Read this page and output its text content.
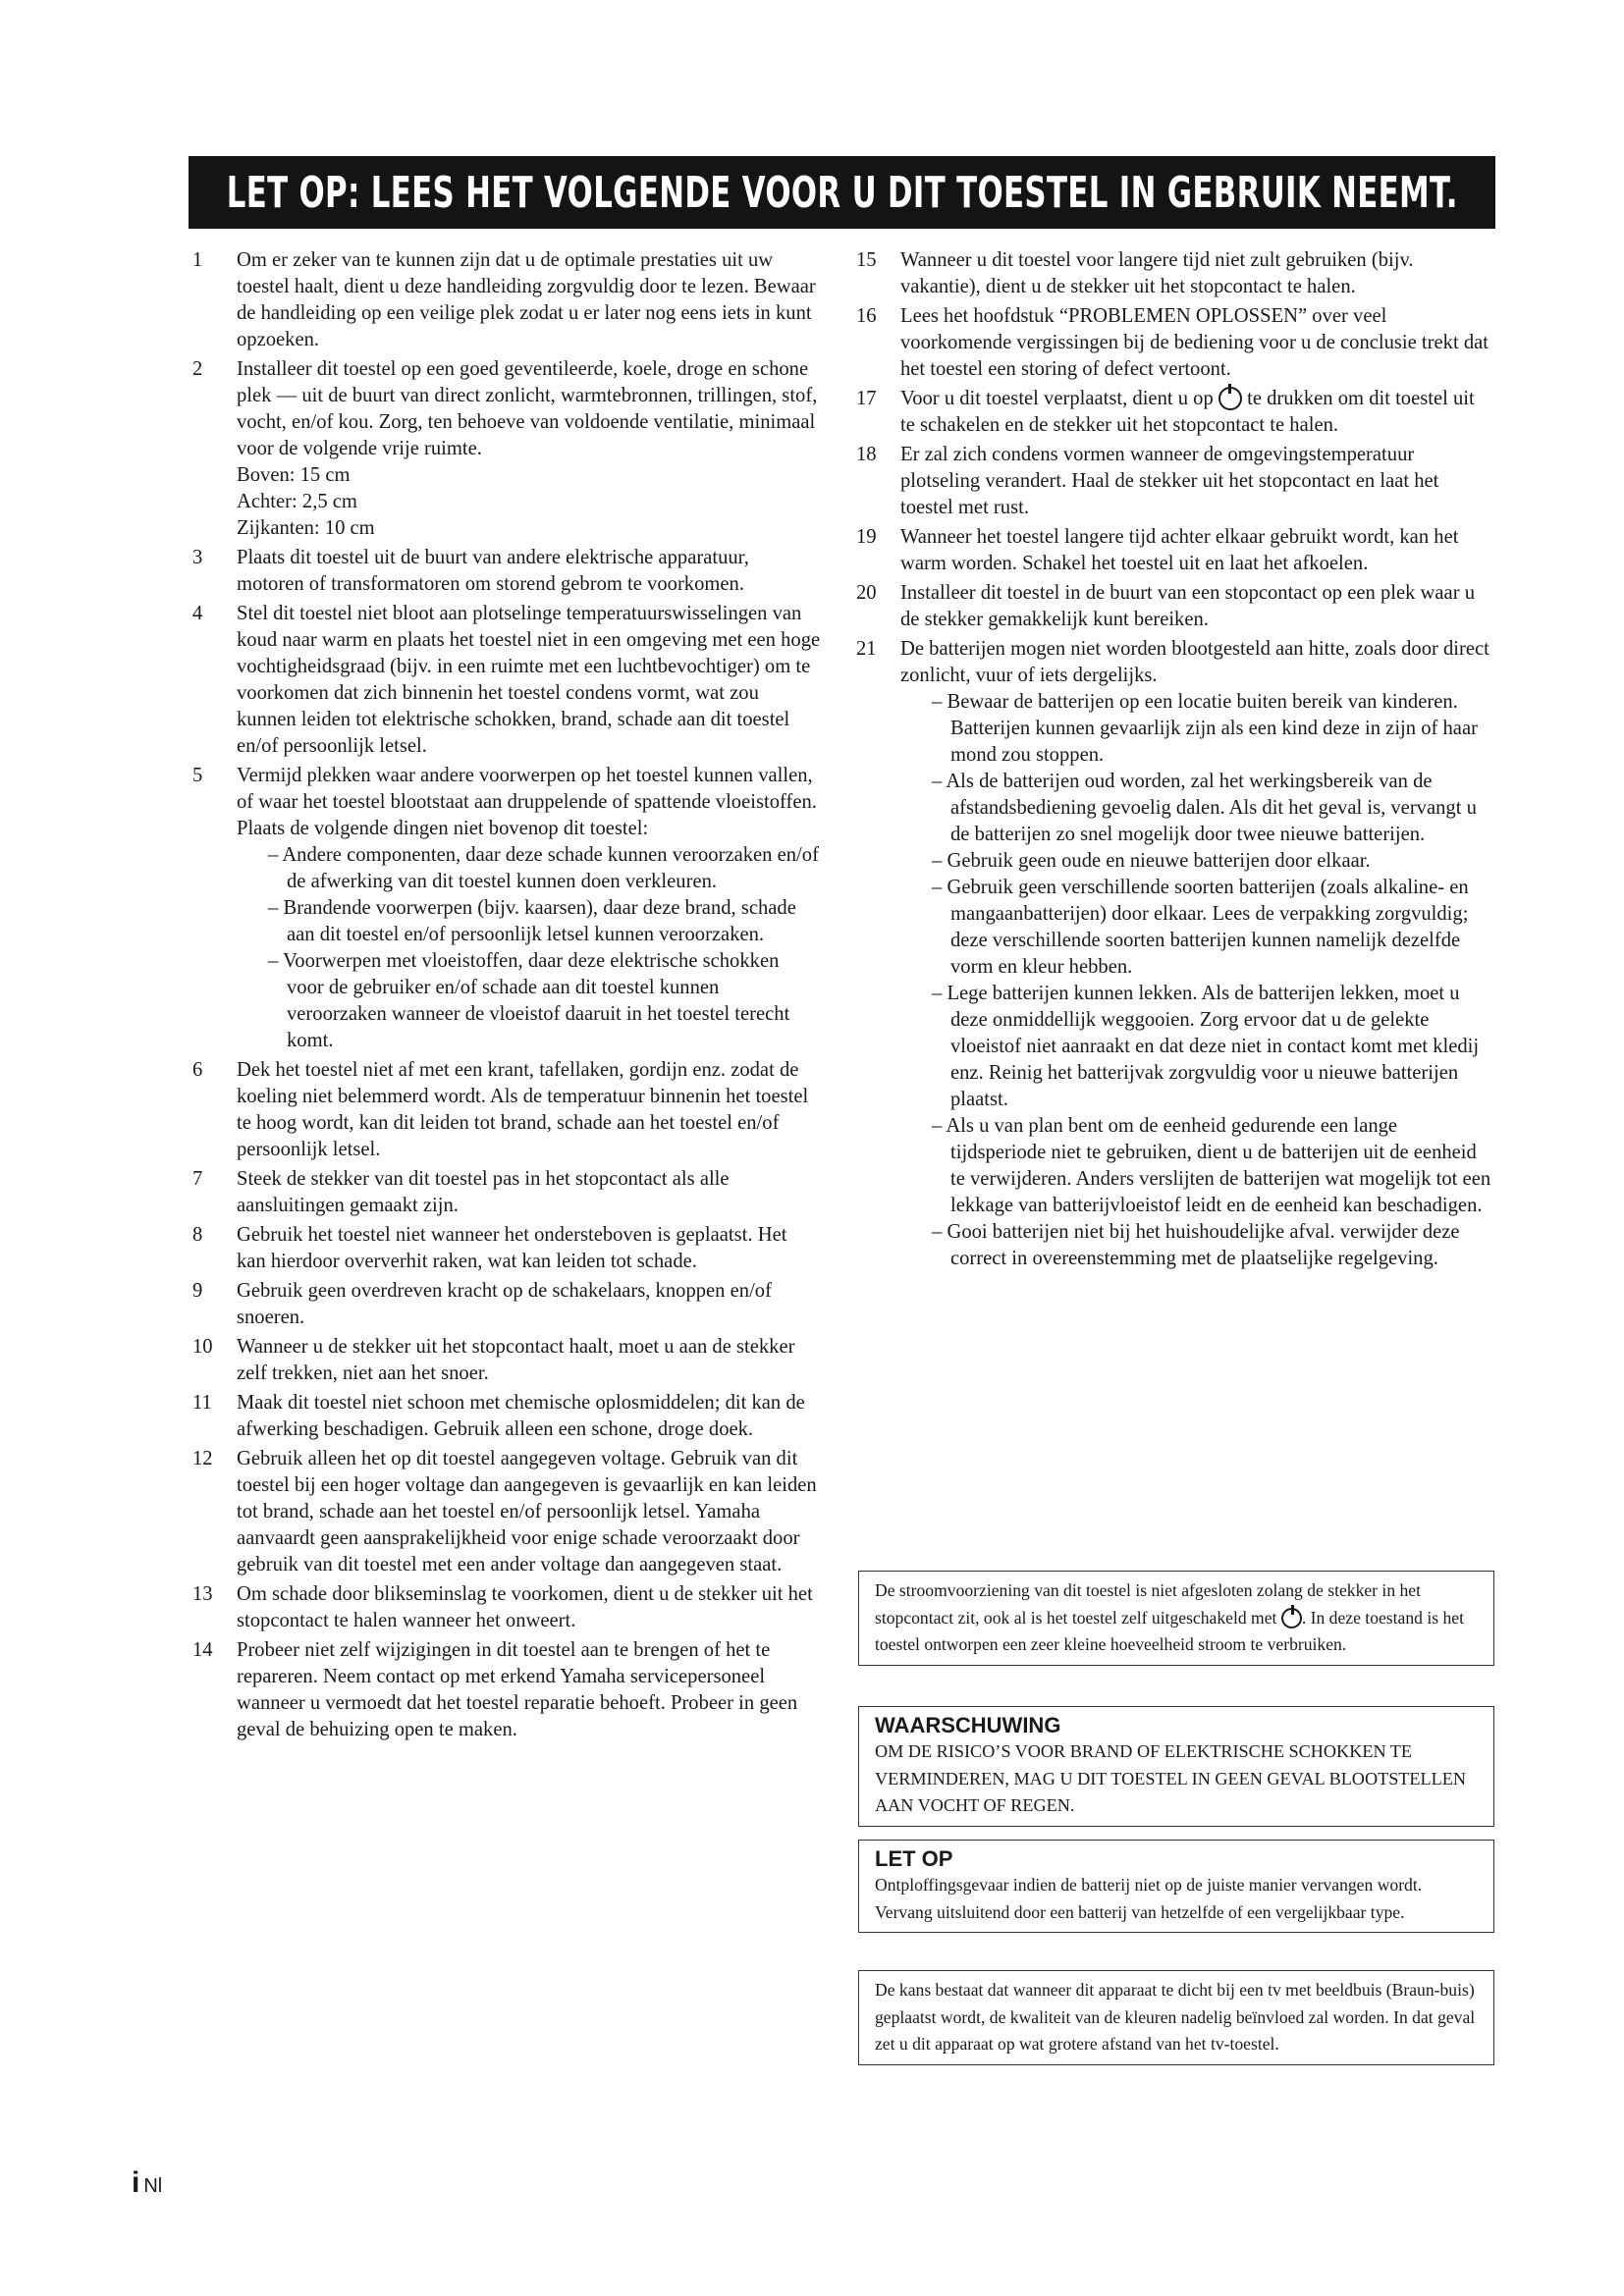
LET OP: LEES HET VOLGENDE VOOR U DIT TOESTEL IN GEBRUIK NEEMT.
1 Om er zeker van te kunnen zijn dat u de optimale prestaties uit uw toestel haalt, dient u deze handleiding zorgvuldig door te lezen. Bewaar de handleiding op een veilige plek zodat u er later nog eens iets in kunt opzoeken.
2 Installeer dit toestel op een goed geventileerde, koele, droge en schone plek — uit de buurt van direct zonlicht, warmtebronnen, trillingen, stof, vocht, en/of kou. Zorg, ten behoeve van voldoende ventilatie, minimaal voor de volgende vrije ruimte.
Boven: 15 cm
Achter: 2,5 cm
Zijkanten: 10 cm
3 Plaats dit toestel uit de buurt van andere elektrische apparatuur, motoren of transformatoren om storend gebrom te voorkomen.
4 Stel dit toestel niet bloot aan plotselinge temperatuurswisselingen van koud naar warm en plaats het toestel niet in een omgeving met een hoge vochtigheidsgraad (bijv. in een ruimte met een luchtbevochtiger) om te voorkomen dat zich binnenin het toestel condens vormt, wat zou kunnen leiden tot elektrische schokken, brand, schade aan dit toestel en/of persoonlijk letsel.
5 Vermijd plekken waar andere voorwerpen op het toestel kunnen vallen, of waar het toestel blootstaat aan druppelende of spattende vloeistoffen. Plaats de volgende dingen niet bovenop dit toestel:
– Andere componenten, daar deze schade kunnen veroorzaken en/of de afwerking van dit toestel kunnen doen verkleuren.
– Brandende voorwerpen (bijv. kaarsen), daar deze brand, schade aan dit toestel en/of persoonlijk letsel kunnen veroorzaken.
– Voorwerpen met vloeistoffen, daar deze elektrische schokken voor de gebruiker en/of schade aan dit toestel kunnen veroorzaken wanneer de vloeistof daaruit in het toestel terecht komt.
6 Dek het toestel niet af met een krant, tafellaken, gordijn enz. zodat de koeling niet belemmerd wordt. Als de temperatuur binnenin het toestel te hoog wordt, kan dit leiden tot brand, schade aan het toestel en/of persoonlijk letsel.
7 Steek de stekker van dit toestel pas in het stopcontact als alle aansluitingen gemaakt zijn.
8 Gebruik het toestel niet wanneer het ondersteboven is geplaatst. Het kan hierdoor oververhit raken, wat kan leiden tot schade.
9 Gebruik geen overdreven kracht op de schakelaars, knoppen en/of snoeren.
10 Wanneer u de stekker uit het stopcontact haalt, moet u aan de stekker zelf trekken, niet aan het snoer.
11 Maak dit toestel niet schoon met chemische oplosmiddelen; dit kan de afwerking beschadigen. Gebruik alleen een schone, droge doek.
12 Gebruik alleen het op dit toestel aangegeven voltage. Gebruik van dit toestel bij een hoger voltage dan aangegeven is gevaarlijk en kan leiden tot brand, schade aan het toestel en/of persoonlijk letsel. Yamaha aanvaardt geen aansprakelijkheid voor enige schade veroorzaakt door gebruik van dit toestel met een ander voltage dan aangegeven staat.
13 Om schade door blikseminslag te voorkomen, dient u de stekker uit het stopcontact te halen wanneer het onweert.
14 Probeer niet zelf wijzigingen in dit toestel aan te brengen of het te repareren. Neem contact op met erkend Yamaha servicepersoneel wanneer u vermoedt dat het toestel reparatie behoeft. Probeer in geen geval de behuizing open te maken.
15 Wanneer u dit toestel voor langere tijd niet zult gebruiken (bijv. vakantie), dient u de stekker uit het stopcontact te halen.
16 Lees het hoofdstuk “PROBLEMEN OPLOSSEN” over veel voorkomende vergissingen bij de bediening voor u de conclusie trekt dat het toestel een storing of defect vertoont.
17 Voor u dit toestel verplaatst, dient u op te drukken om dit toestel uit te schakelen en de stekker uit het stopcontact te halen.
18 Er zal zich condens vormen wanneer de omgevingstemperatuur plotseling verandert. Haal de stekker uit het stopcontact en laat het toestel met rust.
19 Wanneer het toestel langere tijd achter elkaar gebruikt wordt, kan het warm worden. Schakel het toestel uit en laat het afkoelen.
20 Installeer dit toestel in de buurt van een stopcontact op een plek waar u de stekker gemakkelijk kunt bereiken.
21 De batterijen mogen niet worden blootgesteld aan hitte, zoals door direct zonlicht, vuur of iets dergelijks.
– Bewaar de batterijen op een locatie buiten bereik van kinderen. Batterijen kunnen gevaarlijk zijn als een kind deze in zijn of haar mond zou stoppen.
– Als de batterijen oud worden, zal het werkingsbereik van de afstandsbediening gevoelig dalen. Als dit het geval is, vervangt u de batterijen zo snel mogelijk door twee nieuwe batterijen.
– Gebruik geen oude en nieuwe batterijen door elkaar.
– Gebruik geen verschillende soorten batterijen (zoals alkaline- en mangaanbatterijen) door elkaar. Lees de verpakking zorgvuldig; deze verschillende soorten batterijen kunnen namelijk dezelfde vorm en kleur hebben.
– Lege batterijen kunnen lekken. Als de batterijen lekken, moet u deze onmiddellijk weggooien. Zorg ervoor dat u de gelekte vloeistof niet aanraakt en dat deze niet in contact komt met kledij enz. Reinig het batterijvak zorgvuldig voor u nieuwe batterijen plaatst.
– Als u van plan bent om de eenheid gedurende een lange tijdsperiode niet te gebruiken, dient u de batterijen uit de eenheid te verwijderen. Anders verslijten de batterijen wat mogelijk tot een lekkage van batterijvloeistof leidt en de eenheid kan beschadigen.
– Gooi batterijen niet bij het huishoudelijke afval. verwijder deze correct in overeenstemming met de plaatselijke regelgeving.
De stroomvoorziening van dit toestel is niet afgesloten zolang de stekker in het stopcontact zit, ook al is het toestel zelf uitgeschakeld met . In deze toestand is het toestel ontworpen een zeer kleine hoeveelheid stroom te verbruiken.
WAARSCHUWING
OM DE RISICO’S VOOR BRAND OF ELEKTRISCHE SCHOKKEN TE VERMINDEREN, MAG U DIT TOESTEL IN GEEN GEVAL BLOOTSTELLEN AAN VOCHT OF REGEN.
LET OP
Ontploffingsgevaar indien de batterij niet op de juiste manier vervangen wordt. Vervang uitsluitend door een batterij van hetzelfde of een vergelijkbaar type.
De kans bestaat dat wanneer dit apparaat te dicht bij een tv met beeldbuis (Braun-buis) geplaatst wordt, de kwaliteit van de kleuren nadelig beïnvloed zal worden. In dat geval zet u dit apparaat op wat grotere afstand van het tv-toestel.
i Nl
